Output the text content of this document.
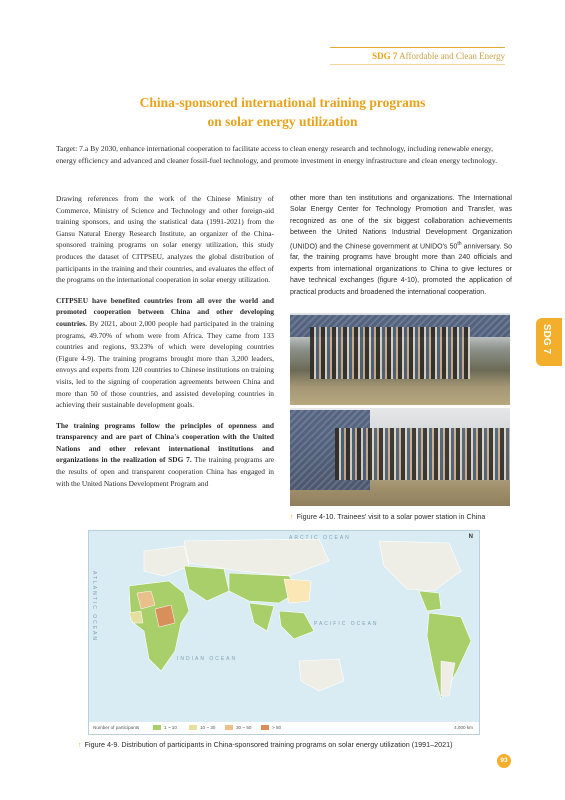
SDG 7 Affordable and Clean Energy
SDG 7
China-sponsored international training programs
on solar energy utilization
Target: 7.a By 2030, enhance international cooperation to facilitate access to clean energy research and technology, including renewable energy, energy efficiency and advanced and cleaner fossil-fuel technology, and promote investment in energy infrastructure and clean energy technology.

Drawing references from the work of the Chinese Ministry of Commerce, Ministry of Science and Technology and other foreign-aid training sponsors, and using the statistical data (1991-2021) from the Gansu Natural Energy Research Institute, an organizer of the China-sponsored training programs on solar energy utilization, this study produces the dataset of CITPSEU, analyzes the global distribution of participants in the training and their countries, and evaluates the effect of the programs on the international cooperation in solar energy utilization.

CITPSEU have benefited countries from all over the world and promoted cooperation between China and other developing countries. By 2021, about 2,000 people had participated in the training programs, 49.70% of whom were from Africa. They came from 133 countries and regions, 93.23% of which were developing countries (Figure 4-9). The training programs brought more than 3,200 leaders, envoys and experts from 120 countries to Chinese institutions on training visits, led to the signing of cooperation agreements between China and more than 50 of those countries, and assisted developing countries in achieving their sustainable development goals.

The training programs follow the principles of openness and transparency and are part of China's cooperation with the United Nations and other relevant international institutions and organizations in the realization of SDG 7. The training programs are the results of open and transparent cooperation China has engaged in with the United Nations Development Program and

other more than ten institutions and organizations. The International Solar Energy Center for Technology Promotion and Transfer, was recognized as one of the six biggest collaboration achievements between the United Nations Industrial Development Organization (UNIDO) and the Chinese government at UNIDO's 50th anniversary. So far, the training programs have brought more than 240 officials and experts from international organizations to China to give lectures or have technical exchanges (figure 4-10), promoted the application of practical products and broadened the international cooperation.

↑ Figure 4-10. Trainees' visit to a solar power station in China
ARCTIC OCEAN
PACIFIC OCEAN
INDIAN OCEAN
ATLANTIC OCEAN
N
Number of participants	1 ~ 10	10 ~ 30	30 ~ 50	> 50	4,000 km
↑ Figure 4-9. Distribution of participants in China-sponsored training programs on solar energy utilization (1991–2021)
93
